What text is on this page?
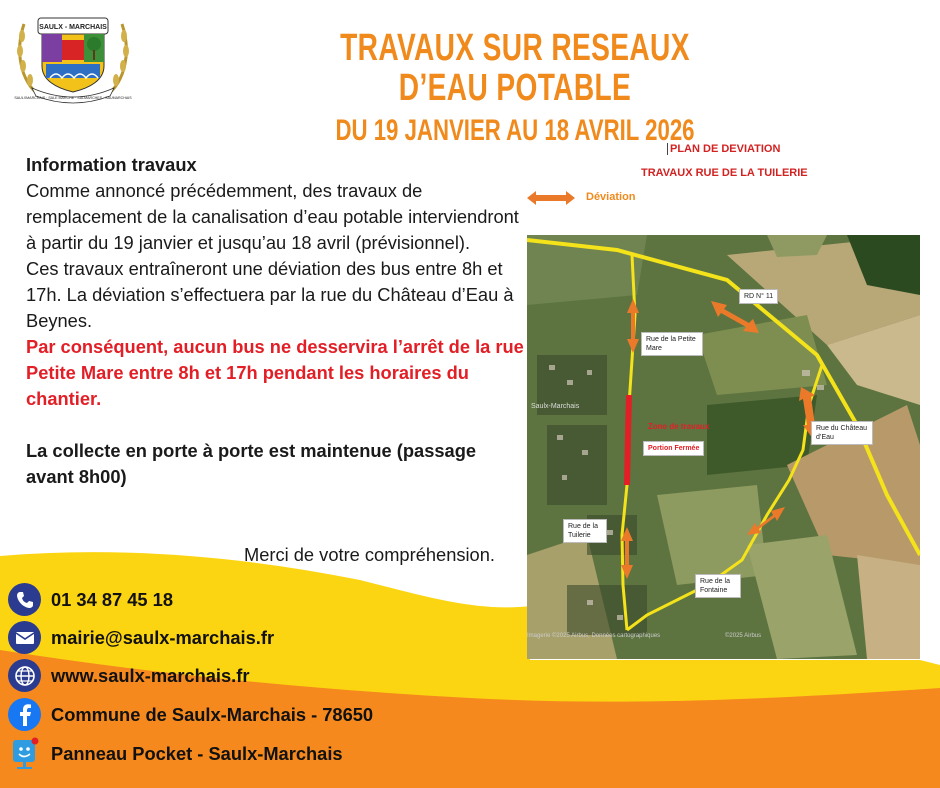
SAULX - MARCHAIS
SAULXMARCHAIS · SALE MARCHE · SALMARCHES · SAUMARCHAIS
TRAVAUX SUR RESEAUX D’EAU POTABLE
DU 19 JANVIER AU 18 AVRIL 2026
Information travaux
Comme annoncé précédemment, des travaux de remplacement de la canalisation d’eau potable interviendront à partir du 19 janvier et jusqu’au 18 avril (prévisionnel).
Ces travaux entraîneront une déviation des bus entre 8h et 17h. La déviation s’effectuera par la rue du Château d’Eau à Beynes.
Par conséquent, aucun bus ne desservira l’arrêt de la rue Petite Mare entre 8h et 17h pendant les horaires du chantier.
La collecte en porte à porte est maintenue (passage avant 8h00)
Merci de votre compréhension.
PLAN DE DEVIATION
TRAVAUX RUE DE LA TUILERIE
Déviation
RD N° 11
Rue de la Petite Mare
Rue du Château d’Eau
Rue de la Tuilerie
Rue de la Fontaine
Zone de travaux
Portion Fermée
Saulx-Marchais
Imagerie ©2025 Airbus, Données cartographiques	©2025 Airbus
01 34 87 45 18
mairie@saulx-marchais.fr
www.saulx-marchais.fr
Commune de Saulx-Marchais - 78650
Panneau Pocket - Saulx-Marchais
